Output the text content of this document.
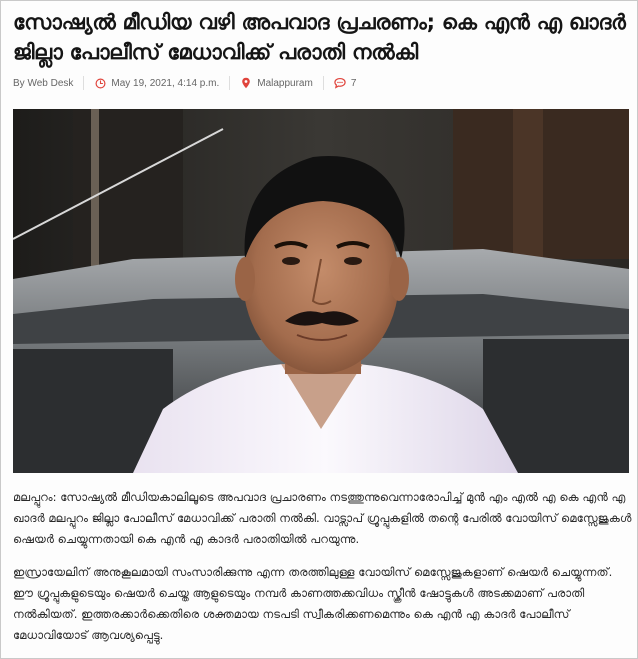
സോഷ്യൽ മീഡിയ വഴി അപവാദ പ്രചരണം; കെ എൻ എ ഖാദർ ജില്ലാ പോലീസ് മേധാവിക്ക് പരാതി നൽകി
By Web Desk	May 19, 2021, 4:14 p.m.	Malappuram	7

മലപ്പുറം: സോഷ്യൽ മീഡിയകാലിലൂടെ അപവാദ പ്രചാരണം നടത്തുന്നുവെന്നാരോപിച്ച് മുൻ എം എൽ എ കെ എൻ എ ഖാദർ മലപ്പുറം ജില്ലാ പോലീസ് മേധാവിക്ക് പരാതി നൽകി. വാട്സാപ് ഗ്രൂപ്പുകളിൽ തന്റെ പേരിൽ വോയിസ് മെസ്സേജുകൾ ഷെയർ ചെയ്യുന്നതായി കെ എൻ എ കാദർ പരാതിയിൽ പറയുന്നു.

ഇസ്രായേലിന് അനുകൂലമായി സംസാരിക്കുന്നു എന്ന തരത്തിലുള്ള വോയിസ് മെസ്സേജുകളാണ് ഷെയർ ചെയ്യുന്നത്. ഈ ഗ്രൂപ്പുകളുടെയും ഷെയർ ചെയ്ത ആളുടെയും നമ്പർ കാണത്തക്കവിധം സ്ക്രീൻ ഷോട്ടുകൾ അടക്കമാണ് പരാതി നൽകിയത്. ഇത്തരക്കാർക്കെതിരെ ശക്തമായ നടപടി സ്വീകരിക്കണമെന്നും കെ എൻ എ കാദർ പോലീസ് മേധാവിയോട് ആവശ്യപ്പെട്ടു.
